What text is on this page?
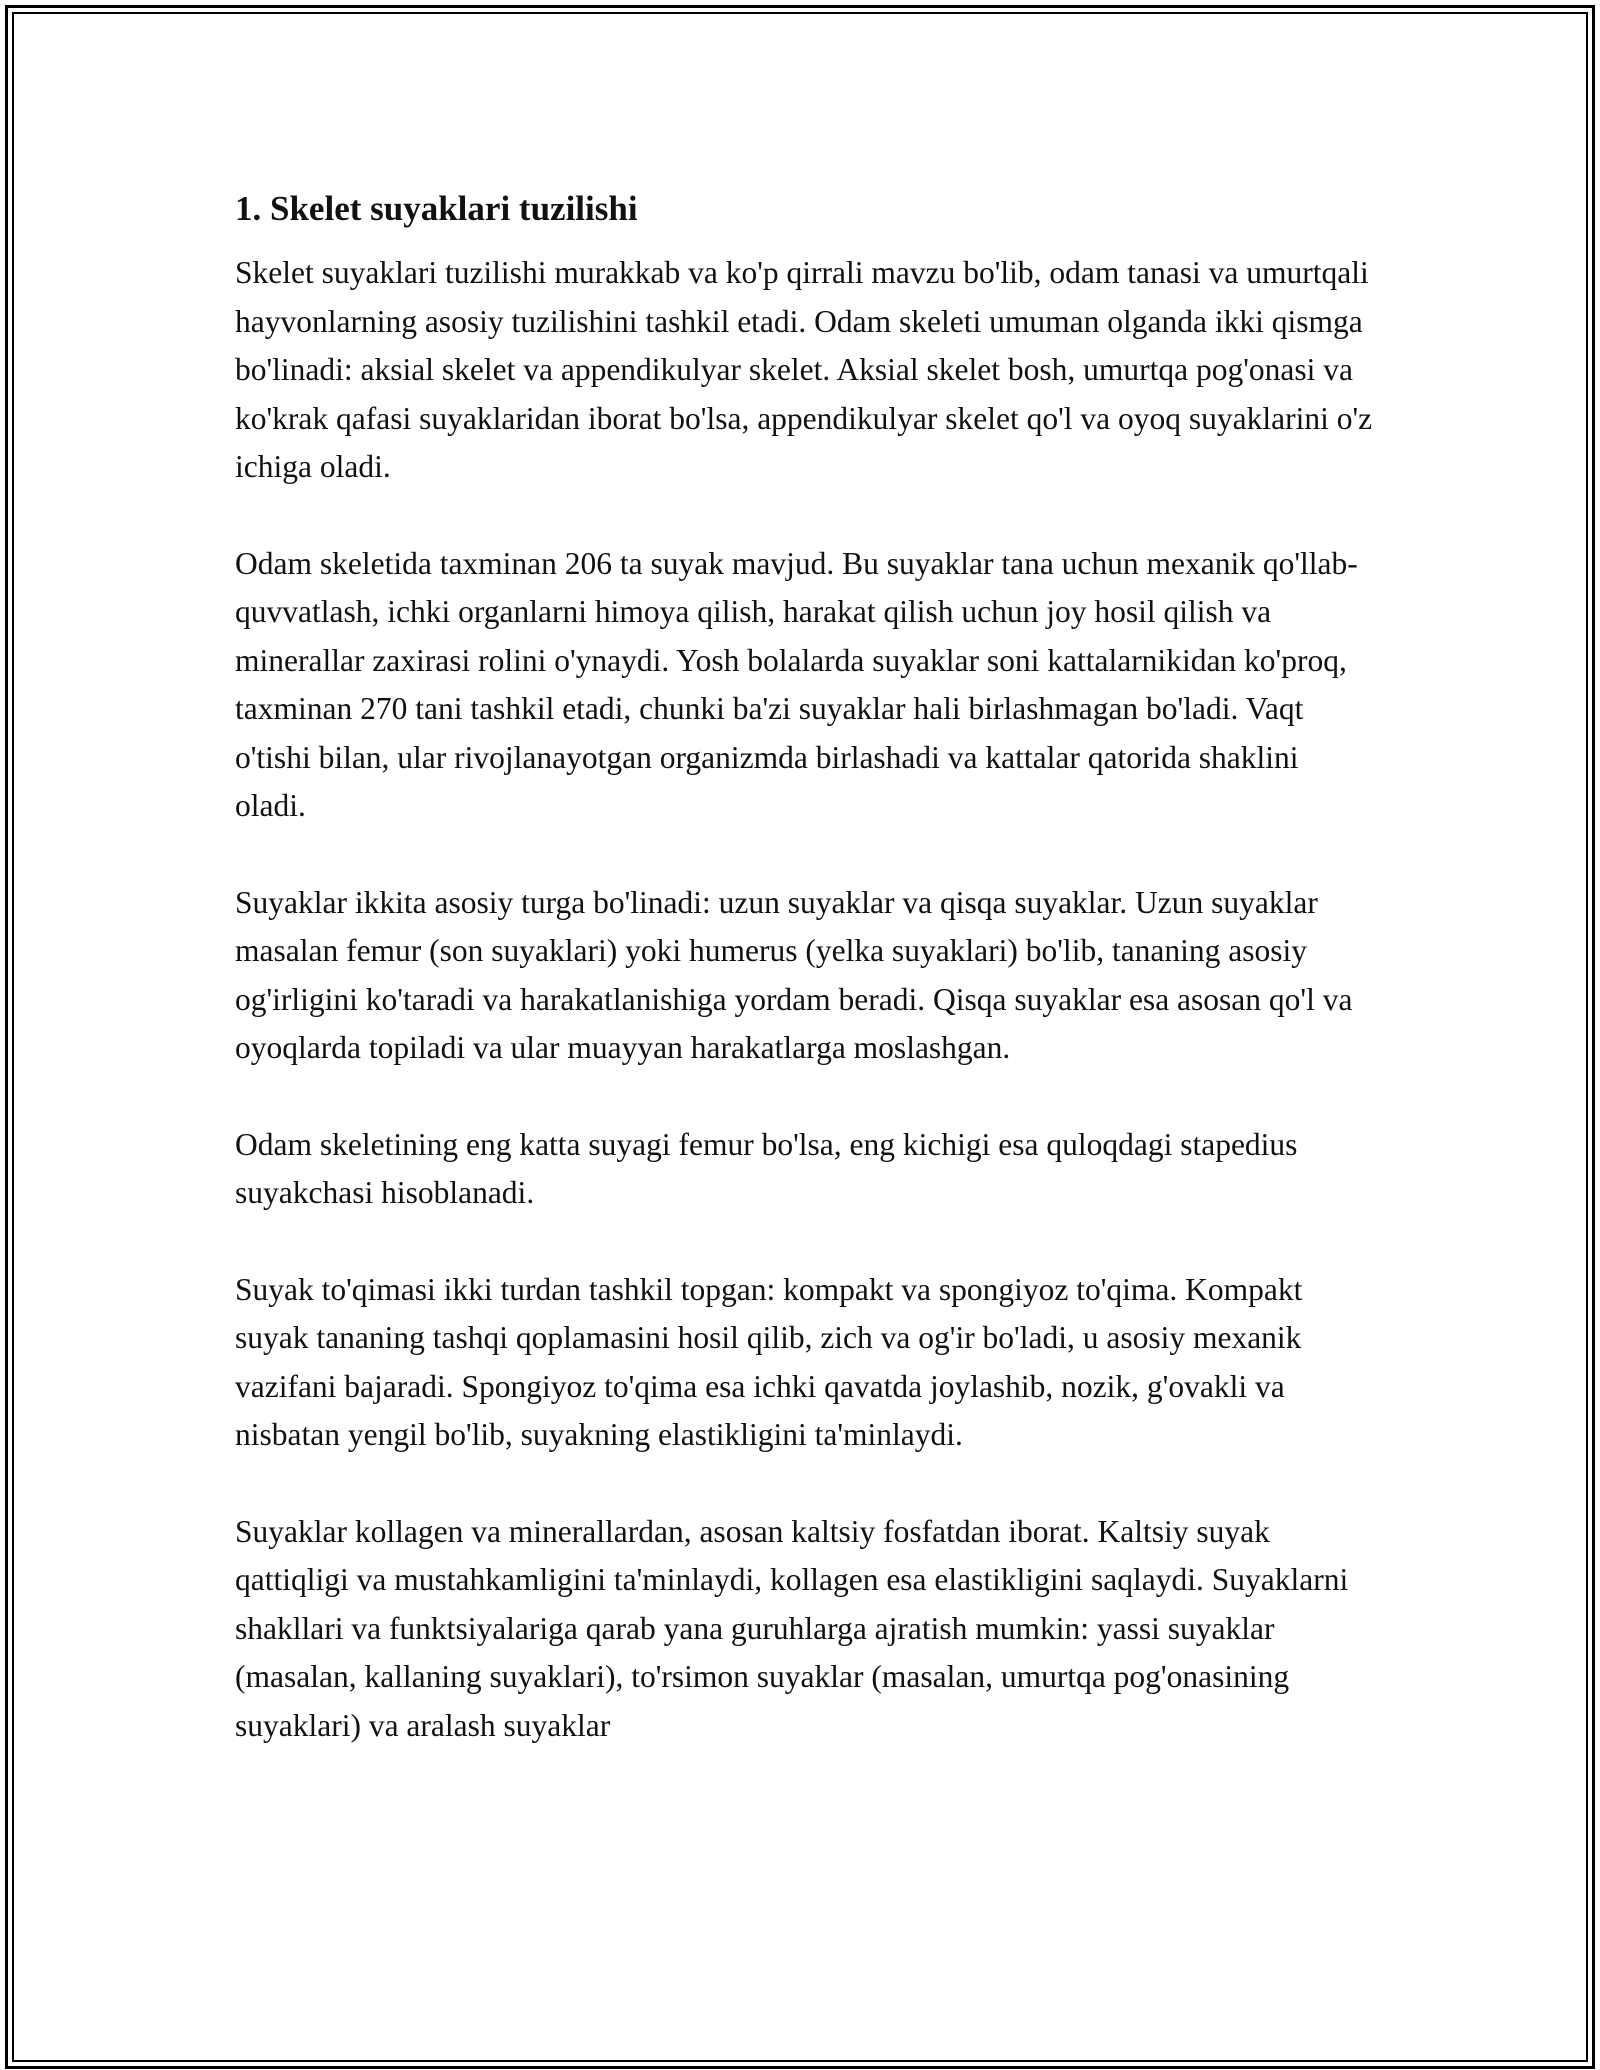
1. Skelet suyaklari tuzilishi

Skelet suyaklari tuzilishi murakkab va ko'p qirrali mavzu bo'lib, odam tanasi va umurtqali hayvonlarning asosiy tuzilishini tashkil etadi. Odam skeleti umuman olganda ikki qismga bo'linadi: aksial skelet va appendikulyar skelet. Aksial skelet bosh, umurtqa pog'onasi va ko'krak qafasi suyaklaridan iborat bo'lsa, appendikulyar skelet qo'l va oyoq suyaklarini o'z ichiga oladi.

Odam skeletida taxminan 206 ta suyak mavjud. Bu suyaklar tana uchun mexanik qo'llab-quvvatlash, ichki organlarni himoya qilish, harakat qilish uchun joy hosil qilish va minerallar zaxirasi rolini o'ynaydi. Yosh bolalarda suyaklar soni kattalarnikidan ko'proq, taxminan 270 tani tashkil etadi, chunki ba'zi suyaklar hali birlashmagan bo'ladi. Vaqt o'tishi bilan, ular rivojlanayotgan organizmda birlashadi va kattalar qatorida shaklini oladi.

Suyaklar ikkita asosiy turga bo'linadi: uzun suyaklar va qisqa suyaklar. Uzun suyaklar masalan femur (son suyaklari) yoki humerus (yelka suyaklari) bo'lib, tananing asosiy og'irligini ko'taradi va harakatlanishiga yordam beradi. Qisqa suyaklar esa asosan qo'l va oyoqlarda topiladi va ular muayyan harakatlarga moslashgan.

Odam skeletining eng katta suyagi femur bo'lsa, eng kichigi esa quloqdagi stapedius suyakchasi hisoblanadi.

Suyak to'qimasi ikki turdan tashkil topgan: kompakt va spongiyoz to'qima. Kompakt suyak tananing tashqi qoplamasini hosil qilib, zich va og'ir bo'ladi, u asosiy mexanik vazifani bajaradi. Spongiyoz to'qima esa ichki qavatda joylashib, nozik, g'ovakli va nisbatan yengil bo'lib, suyakning elastikligini ta'minlaydi.

Suyaklar kollagen va minerallardan, asosan kaltsiy fosfatdan iborat. Kaltsiy suyak qattiqligi va mustahkamligini ta'minlaydi, kollagen esa elastikligini saqlaydi. Suyaklarni shakllari va funktsiyalariga qarab yana guruhlarga ajratish mumkin: yassi suyaklar (masalan, kallaning suyaklari), to'rsimon suyaklar (masalan, umurtqa pog'onasining suyaklari) va aralash suyaklar
